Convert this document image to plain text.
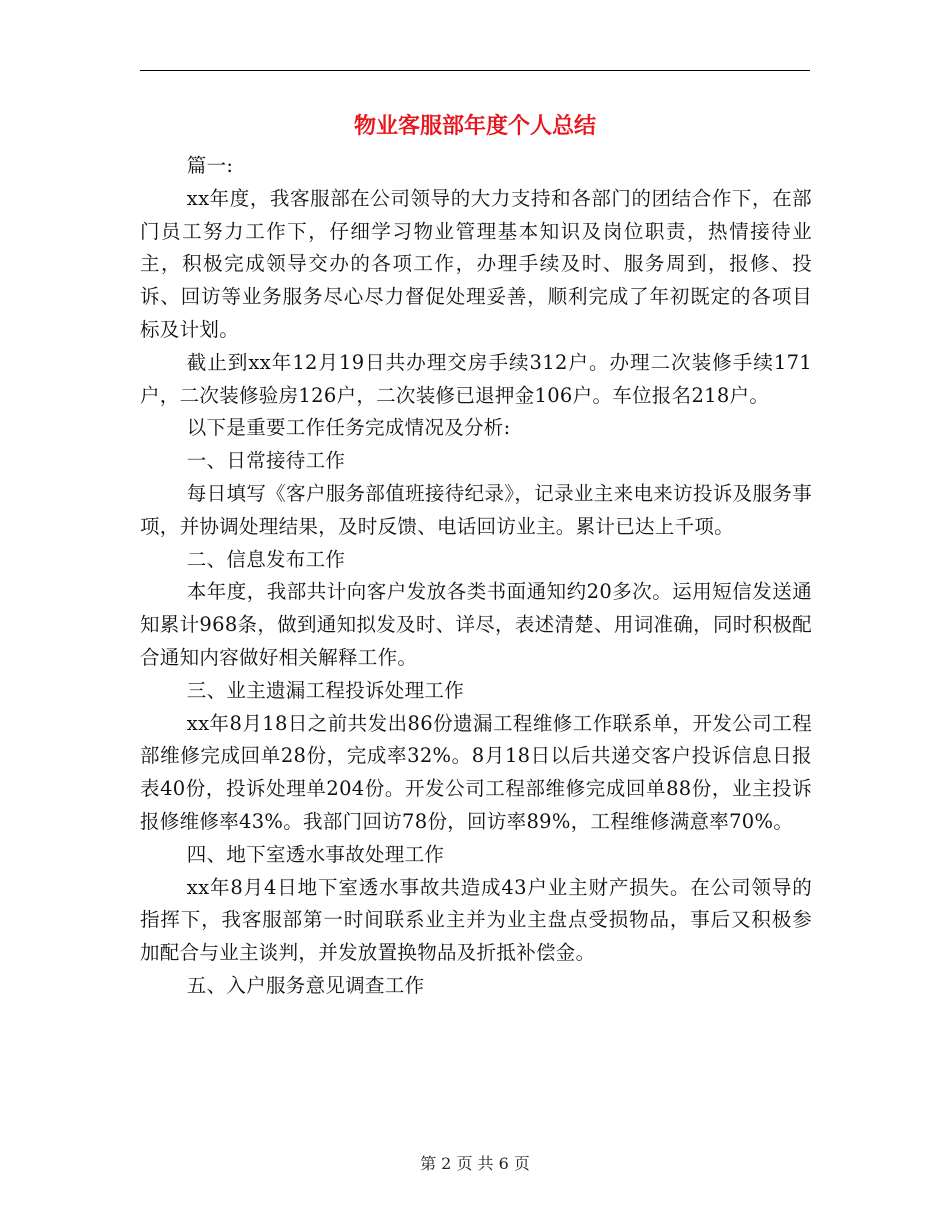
物业客服部年度个人总结

篇一:

xx年度，我客服部在公司领导的大力支持和各部门的团结合作下，在部门员工努力工作下，仔细学习物业管理基本知识及岗位职责，热情接待业主，积极完成领导交办的各项工作，办理手续及时、服务周到，报修、投诉、回访等业务服务尽心尽力督促处理妥善，顺利完成了年初既定的各项目标及计划。

截止到xx年12月19日共办理交房手续312户。办理二次装修手续171户，二次装修验房126户，二次装修已退押金106户。车位报名218户。

以下是重要工作任务完成情况及分析:

一、日常接待工作

每日填写《客户服务部值班接待纪录》，记录业主来电来访投诉及服务事项，并协调处理结果，及时反馈、电话回访业主。累计已达上千项。

二、信息发布工作

本年度，我部共计向客户发放各类书面通知约20多次。运用短信发送通知累计968条，做到通知拟发及时、详尽，表述清楚、用词准确，同时积极配合通知内容做好相关解释工作。

三、业主遗漏工程投诉处理工作

xx年8月18日之前共发出86份遗漏工程维修工作联系单，开发公司工程部维修完成回单28份，完成率32%。8月18日以后共递交客户投诉信息日报表40份，投诉处理单204份。开发公司工程部维修完成回单88份，业主投诉报修维修率43%。我部门回访78份，回访率89%，工程维修满意率70%。

四、地下室透水事故处理工作

xx年8月4日地下室透水事故共造成43户业主财产损失。在公司领导的指挥下，我客服部第一时间联系业主并为业主盘点受损物品，事后又积极参加配合与业主谈判，并发放置换物品及折抵补偿金。

五、入户服务意见调查工作

第 2 页 共 6 页
